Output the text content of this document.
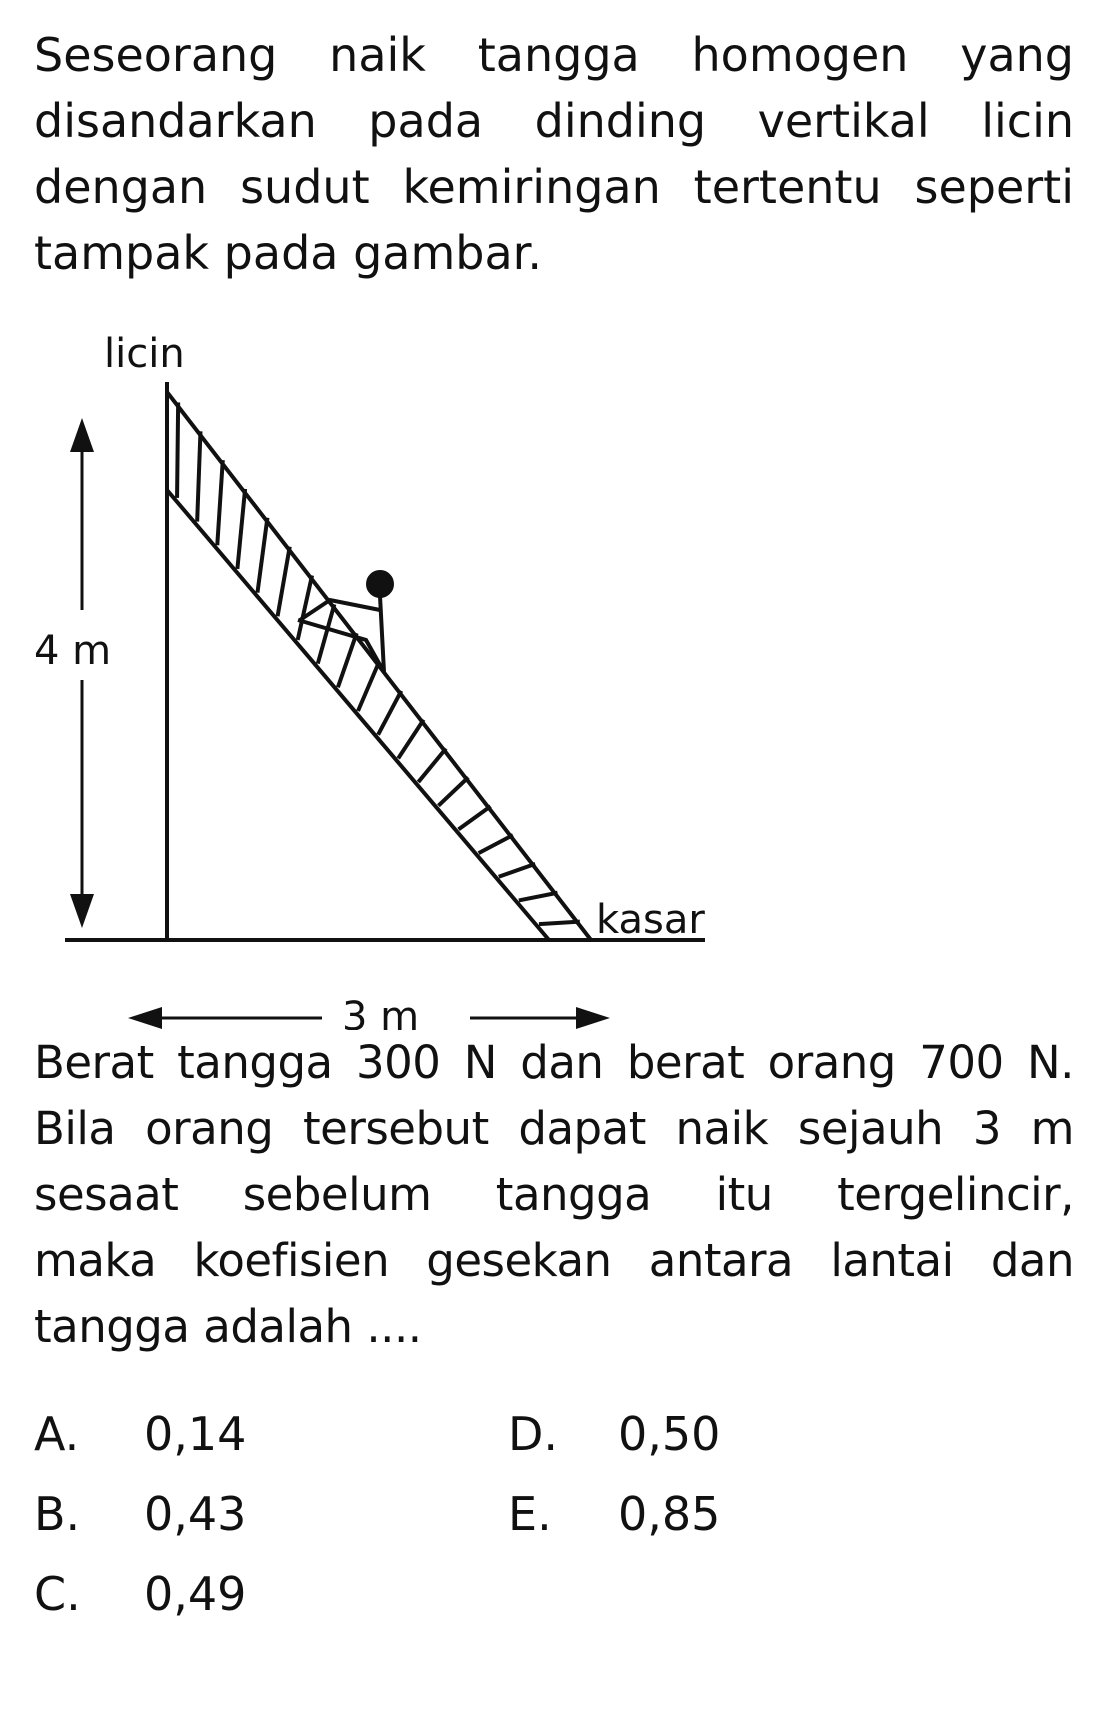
Seseorang naik tangga homogen yang
disandarkan pada dinding vertikal licin
dengan sudut kemiringan tertentu seperti
tampak pada gambar.
licin
4 m
kasar
3 m
Berat tangga 300 N dan berat orang 700 N.
Bila orang tersebut dapat naik sejauh 3 m
sesaat sebelum tangga itu tergelincir,
maka koefisien gesekan antara lantai dan
tangga adalah ....
A. 0,14
B. 0,43
C. 0,49
D. 0,50
E. 0,85
